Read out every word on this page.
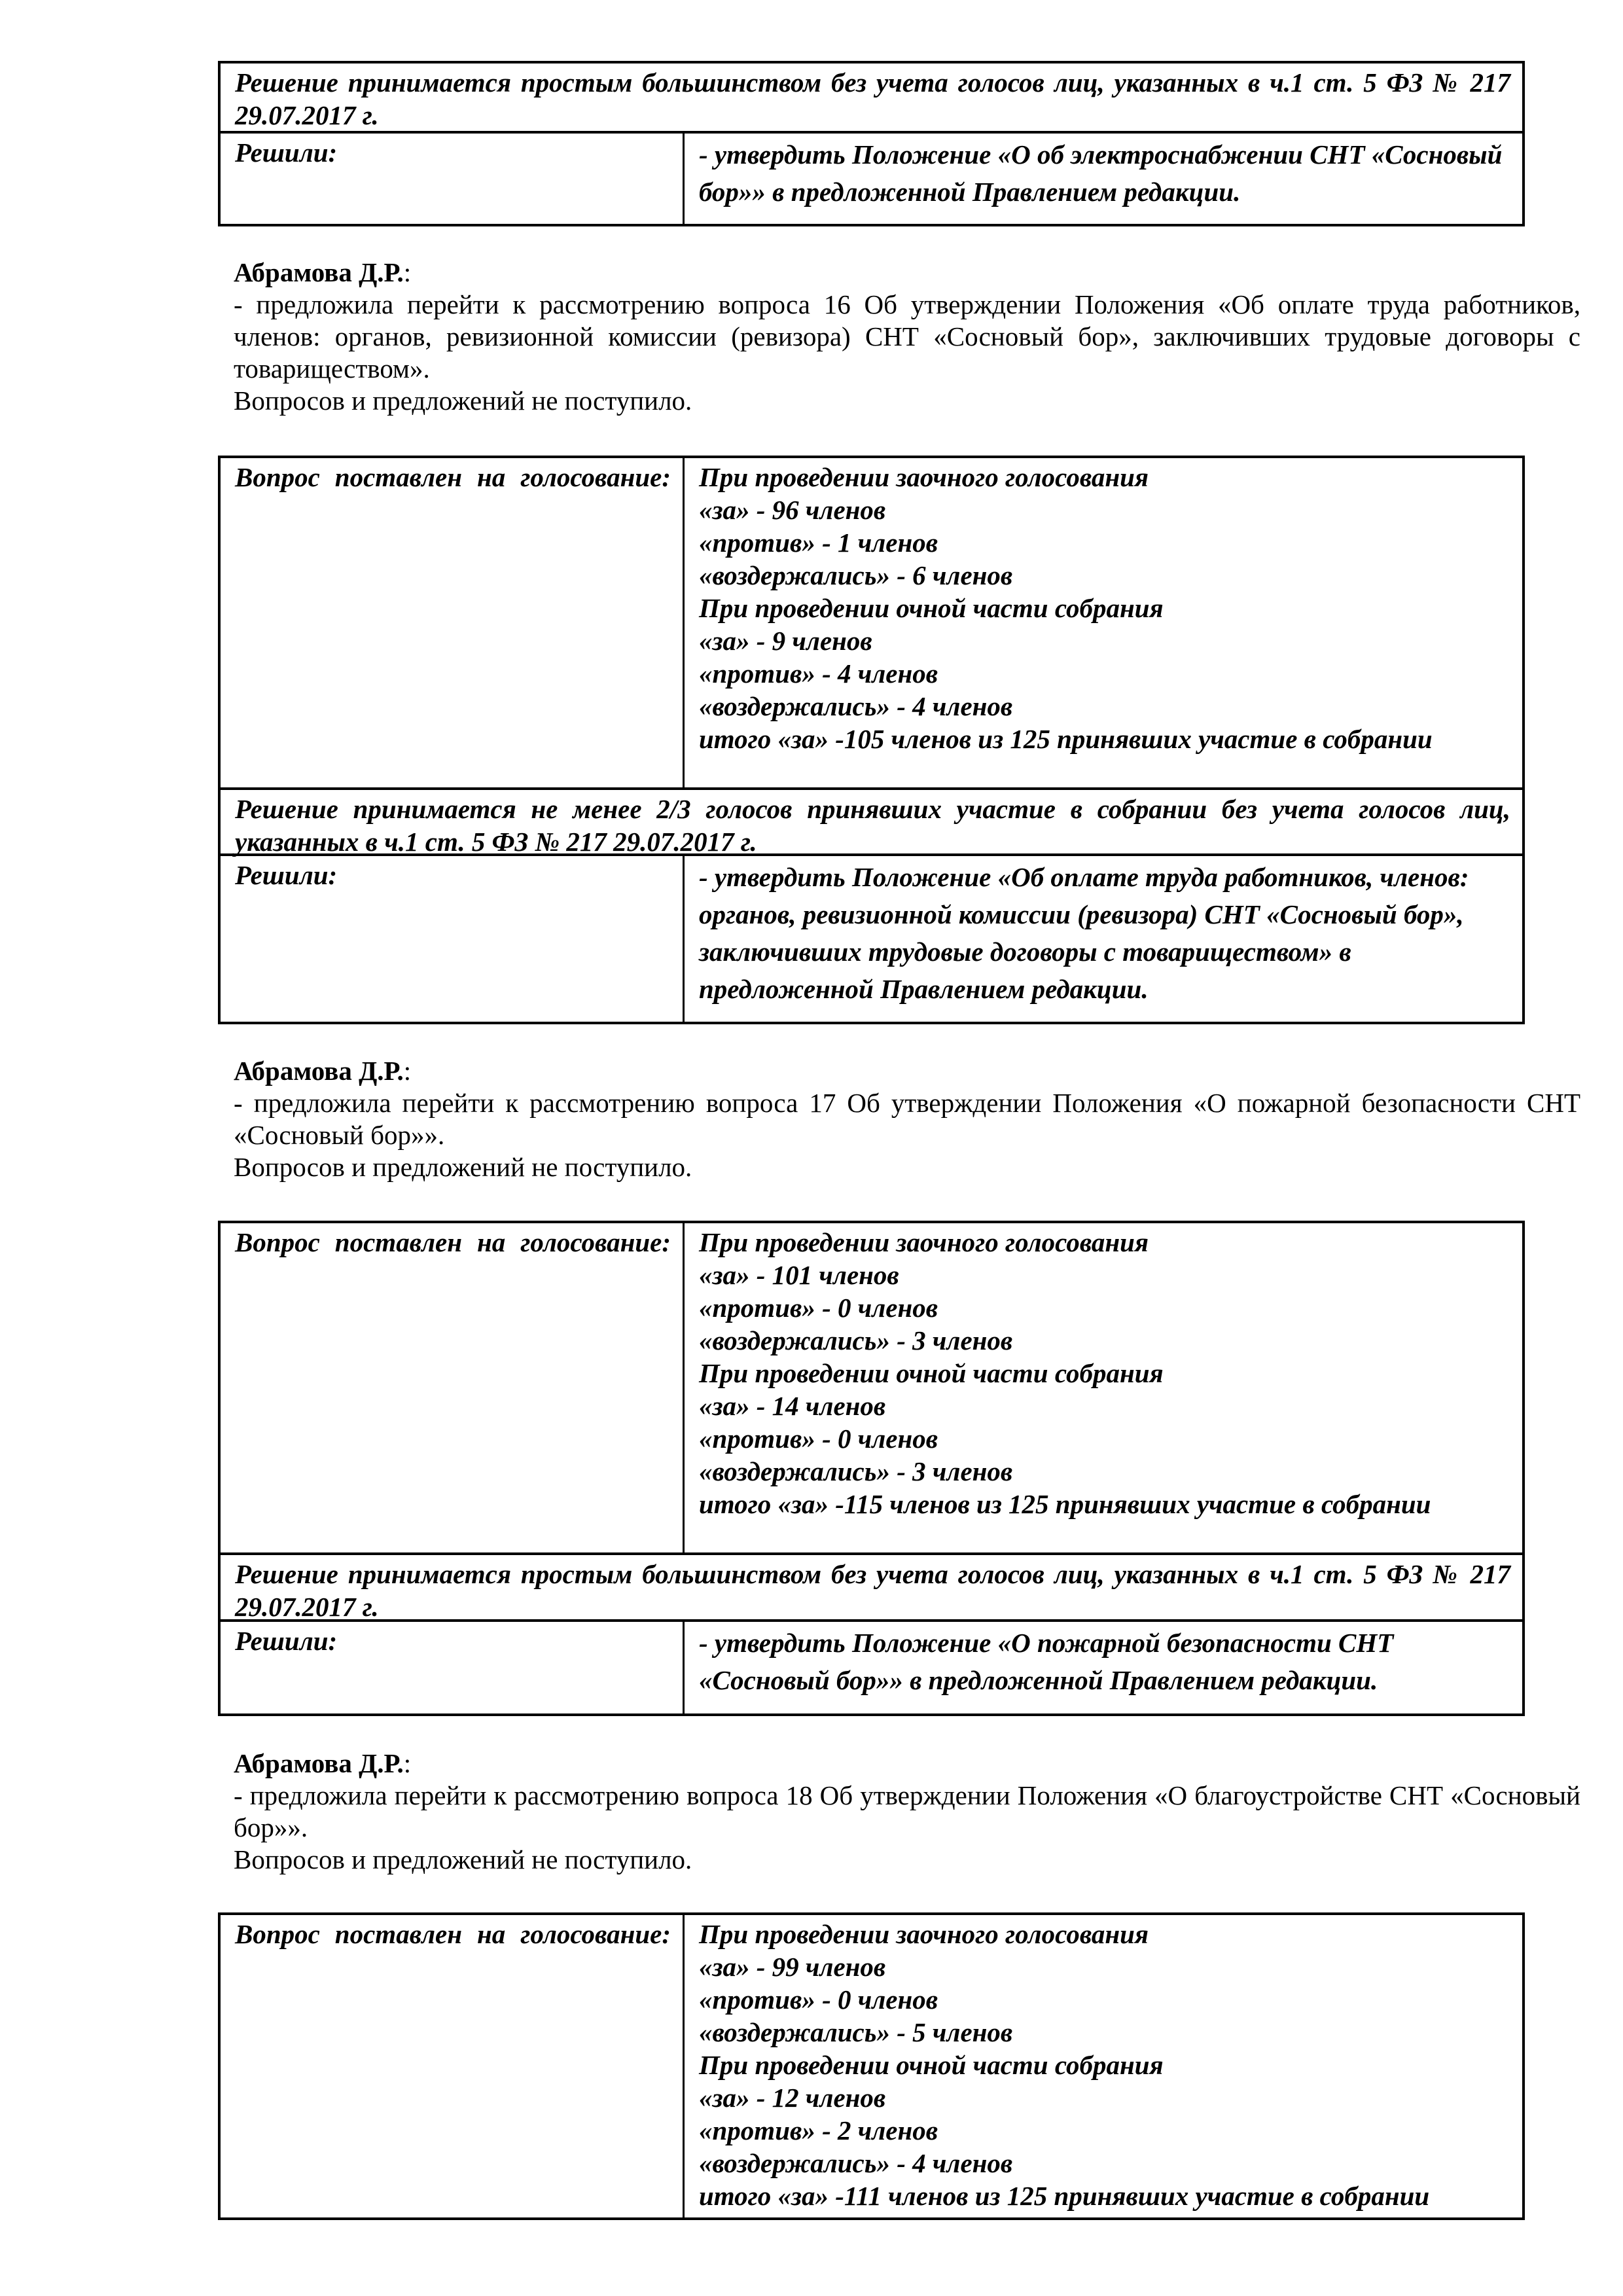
Решение принимается простым большинством без учета голосов лиц, указанных в ч.1 ст. 5 ФЗ № 217 29.07.2017 г.
Решили:	- утвердить Положение «О об электроснабжении СНТ «Сосновый бор»» в предложенной Правлением редакции.
Абрамова Д.Р.:
- предложила перейти к рассмотрению вопроса 16 Об утверждении Положения «Об оплате труда работников, членов: органов, ревизионной комиссии (ревизора) СНТ «Сосновый бор», заключивших трудовые договоры с товариществом».
Вопросов и предложений не поступило.
Вопрос поставлен на голосование:	При проведении заочного голосования
«за» - 96 членов
«против» - 1 членов
«воздержались» - 6 членов
При проведении очной части собрания
«за» - 9 членов
«против» - 4 членов
«воздержались» - 4 членов
итого «за» -105 членов из 125 принявших участие в собрании
Решение принимается не менее 2/3 голосов принявших участие в собрании без учета голосов лиц, указанных в ч.1 ст. 5 ФЗ № 217 29.07.2017 г.
Решили:	- утвердить Положение «Об оплате труда работников, членов: органов, ревизионной комиссии (ревизора) СНТ «Сосновый бор», заключивших трудовые договоры с товариществом» в предложенной Правлением редакции.
Абрамова Д.Р.:
- предложила перейти к рассмотрению вопроса 17 Об утверждении Положения «О пожарной безопасности СНТ «Сосновый бор»».
Вопросов и предложений не поступило.
Вопрос поставлен на голосование:	При проведении заочного голосования
«за» - 101 членов
«против» - 0 членов
«воздержались» - 3 членов
При проведении очной части собрания
«за» - 14 членов
«против» - 0 членов
«воздержались» - 3 членов
итого «за» -115 членов из 125 принявших участие в собрании
Решение принимается простым большинством без учета голосов лиц, указанных в ч.1 ст. 5 ФЗ № 217 29.07.2017 г.
Решили:	- утвердить Положение «О пожарной безопасности СНТ «Сосновый бор»» в предложенной Правлением редакции.
Абрамова Д.Р.:
- предложила перейти к рассмотрению вопроса 18 Об утверждении Положения «О благоустройстве СНТ «Сосновый бор»».
Вопросов и предложений не поступило.
Вопрос поставлен на голосование:	При проведении заочного голосования
«за» - 99 членов
«против» - 0 членов
«воздержались» - 5 членов
При проведении очной части собрания
«за» - 12 членов
«против» - 2 членов
«воздержались» - 4 членов
итого «за» -111 членов из 125 принявших участие в собрании
